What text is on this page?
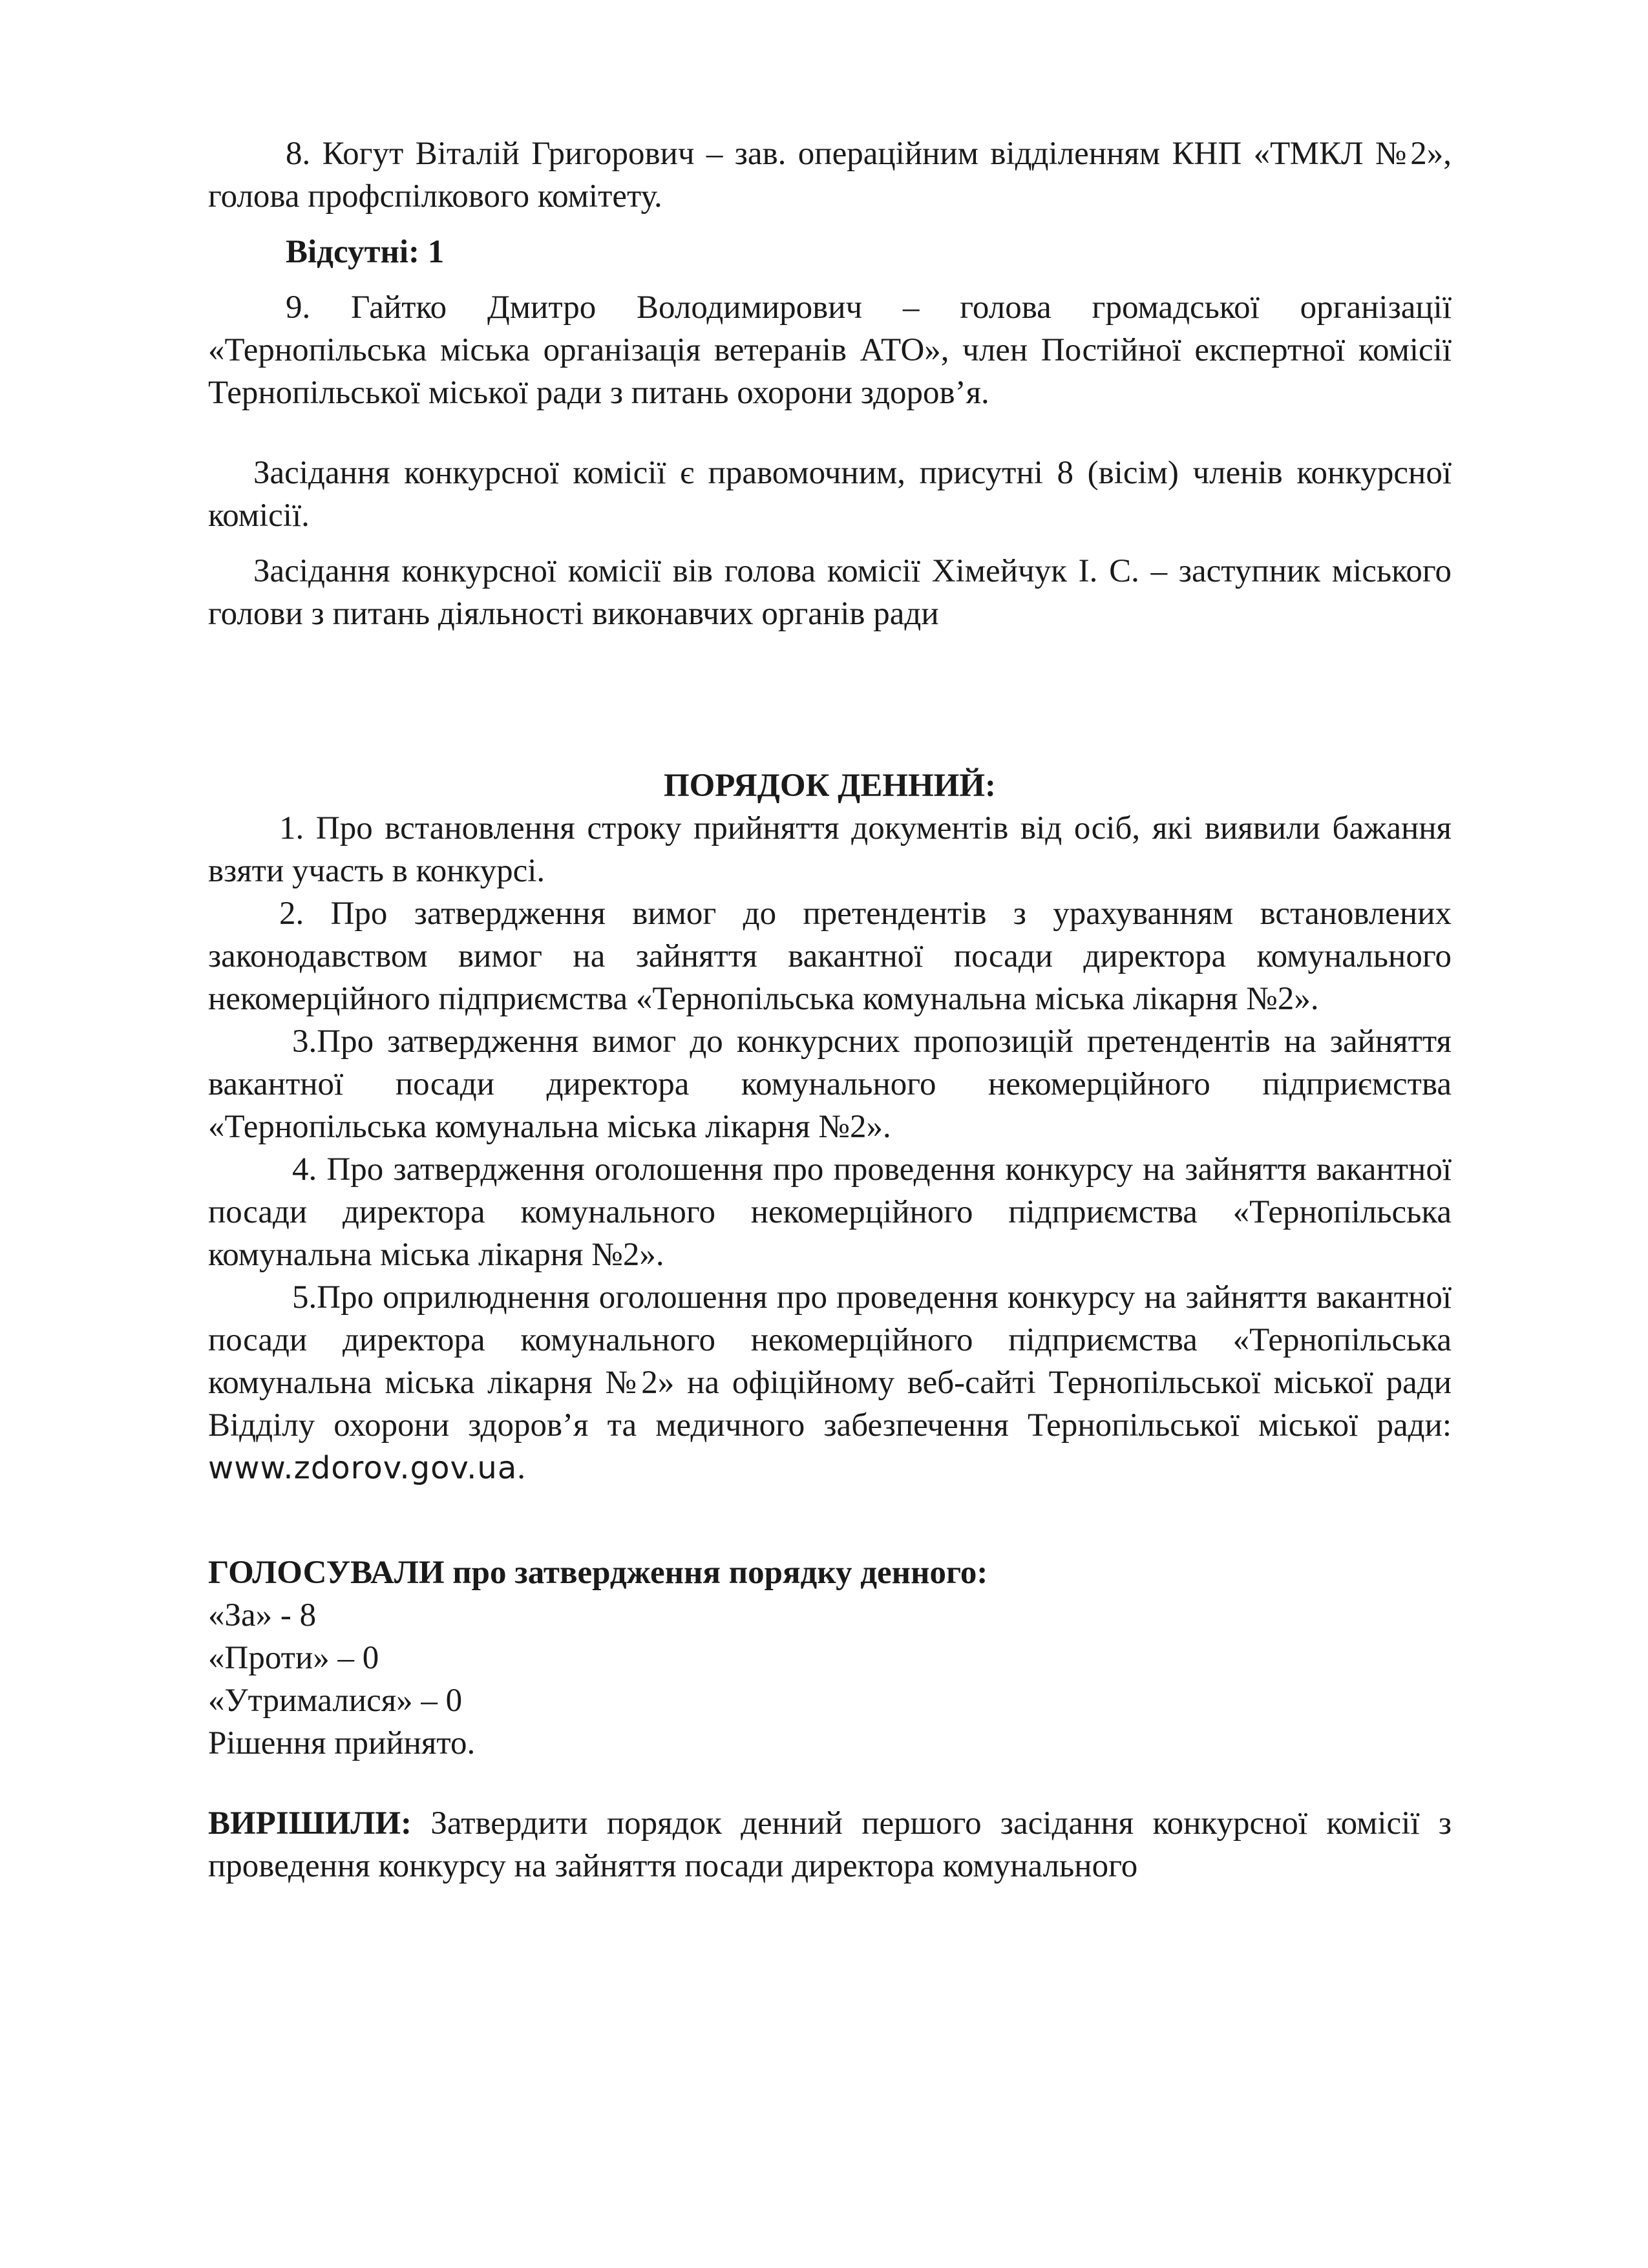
8. Когут Віталій Григорович – зав. операційним відділенням КНП «ТМКЛ №2», голова профспілкового комітету.

Відсутні: 1

9. Гайтко Дмитро Володимирович – голова громадської організації «Тернопільська міська організація ветеранів АТО», член Постійної експертної комісії Тернопільської міської ради з питань охорони здоров’я.

Засідання конкурсної комісії є правомочним, присутні 8 (вісім) членів конкурсної комісії.

Засідання конкурсної комісії вів голова комісії Хімейчук І. С. – заступник міського голови з питань діяльності виконавчих органів ради

ПОРЯДОК ДЕННИЙ:

1. Про встановлення строку прийняття документів від осіб, які виявили бажання взяти участь в конкурсі.

2. Про затвердження вимог до претендентів з урахуванням встановлених законодавством вимог на зайняття вакантної посади директора комунального некомерційного підприємства «Тернопільська комунальна міська лікарня №2».

3.Про затвердження вимог до конкурсних пропозицій претендентів на зайняття вакантної посади директора комунального некомерційного підприємства «Тернопільська комунальна міська лікарня №2».

4. Про затвердження оголошення про проведення конкурсу на зайняття вакантної посади директора комунального некомерційного підприємства «Тернопільська комунальна міська лікарня №2».

5.Про оприлюднення оголошення про проведення конкурсу на зайняття вакантної посади директора комунального некомерційного підприємства «Тернопільська комунальна міська лікарня №2» на офіційному веб-сайті Тернопільської міської ради Відділу охорони здоров’я та медичного забезпечення Тернопільської міської ради: www.zdorov.gov.ua.

ГОЛОСУВАЛИ про затвердження порядку денного:

«За» - 8

«Проти» – 0

«Утрималися» – 0

Рішення прийнято.

ВИРІШИЛИ: Затвердити порядок денний першого засідання конкурсної комісії з проведення конкурсу на зайняття посади директора комунального
